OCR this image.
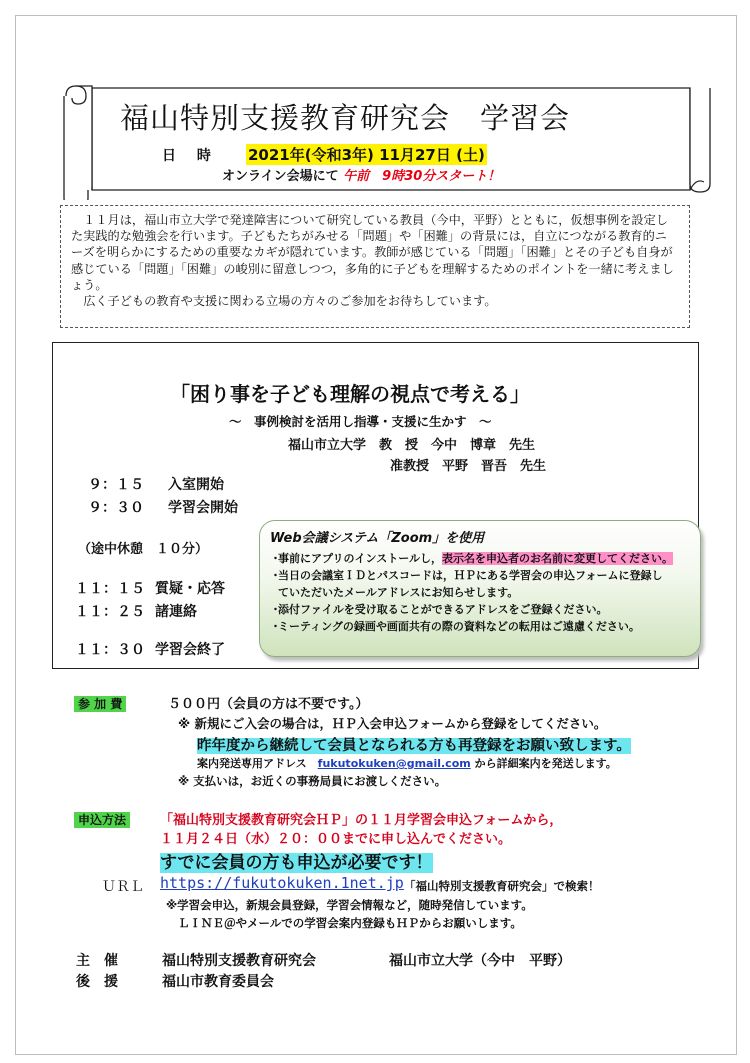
福山特別支援教育研究会　学習会
日 時 2021年(令和3年) 11月27日 (土)
オンライン会場にて 午前　9時30分スタート！

　１１月は，福山市立大学で発達障害について研究している教員（今中，平野）とともに，仮想事例を設定した実践的な勉強会を行います。子どもたちがみせる「問題」や「困難」の背景には，自立につながる教育的ニーズを明らかにするための重要なカギが隠れています。教師が感じている「問題」「困難」とその子ども自身が感じている「問題」「困難」の峻別に留意しつつ，多角的に子どもを理解するためのポイントを一緒に考えましょう。

　広く子どもの教育や支援に関わる立場の方々のご参加をお待ちしています。

「困り事を子ども理解の視点で考える」
～　事例検討を活用し指導・支援に生かす　～
福山市立大学　教　授　今中　博章　先生
准教授　平野　晋吾　先生
９：１５ 入室開始
９：３０ 学習会開始
（途中休憩　１０分）
１１：１５ 質疑・応答
１１：２５ 諸連絡
１１：３０ 学習会終了
Web会議システム「Zoom」を使用
・事前にアプリのインストールし，表示名を申込者のお名前に変更してください。
・当日の会議室ＩＤとパスコードは，ＨＰにある学習会の申込フォームに登録し
ていただいたメールアドレスにお知らせします。
・添付ファイルを受け取ることができるアドレスをご登録ください。
・ミーティングの録画や画面共有の際の資料などの転用はご遠慮ください。
参 加 費	５００円（会員の方は不要です。）
※ 新規にご入会の場合は，ＨＰ入会申込フォームから登録をしてください。
昨年度から継続して会員となられる方も再登録をお願い致します。
案内発送専用アドレス　 fukutokuken@gmail.com から詳細案内を発送します。
※ 支払いは，お近くの事務局員にお渡しください。
申込方法	「福山特別支援教育研究会ＨＰ」の１１月学習会申込フォームから，
１１月２４日（水）２０：００までに申し込んでください。
すでに会員の方も申込が必要です！
ＵＲＬ https://fukutokuken.1net.jp 「福山特別支援教育研究会」で検索！
※学習会申込，新規会員登録，学習会情報など，随時発信しています。
ＬＩＮＥ＠やメールでの学習会案内登録もＨＰからお願いします。
主　催	福山特別支援教育研究会	福山市立大学（今中　平野）
後　援	福山市教育委員会
